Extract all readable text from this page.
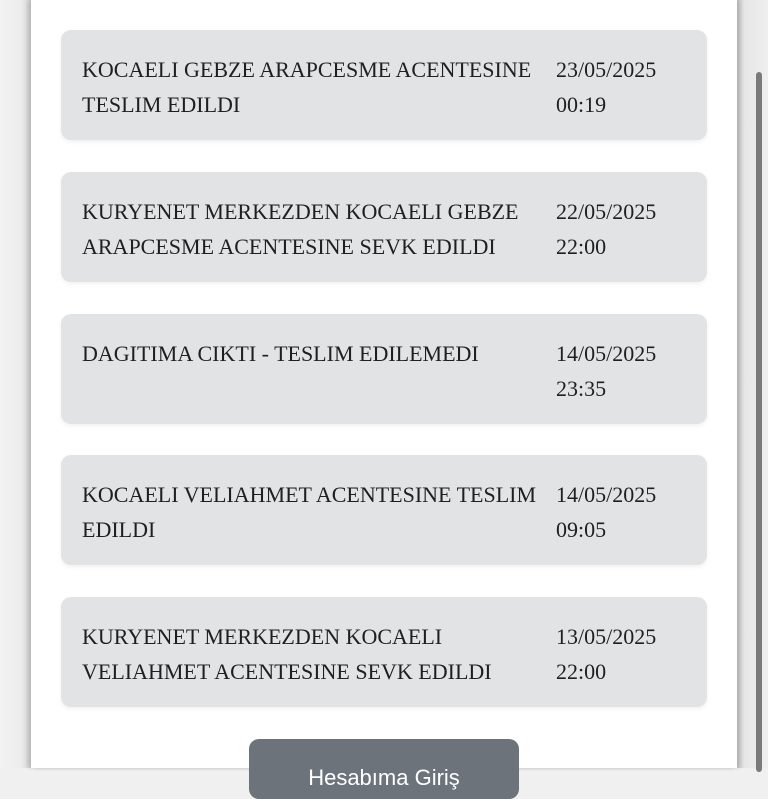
KOCAELI GEBZE ARAPCESME ACENTESINE TESLIM EDILDI
23/05/2025
00:19
KURYENET MERKEZDEN KOCAELI GEBZE ARAPCESME ACENTESINE SEVK EDILDI
22/05/2025
22:00
DAGITIMA CIKTI - TESLIM EDILEMEDI	14/05/2025
23:35
KOCAELI VELIAHMET ACENTESINE TESLIM EDILDI
14/05/2025
09:05
KURYENET MERKEZDEN KOCAELI VELIAHMET ACENTESINE SEVK EDILDI
13/05/2025
22:00
Hesabıma Giriş
